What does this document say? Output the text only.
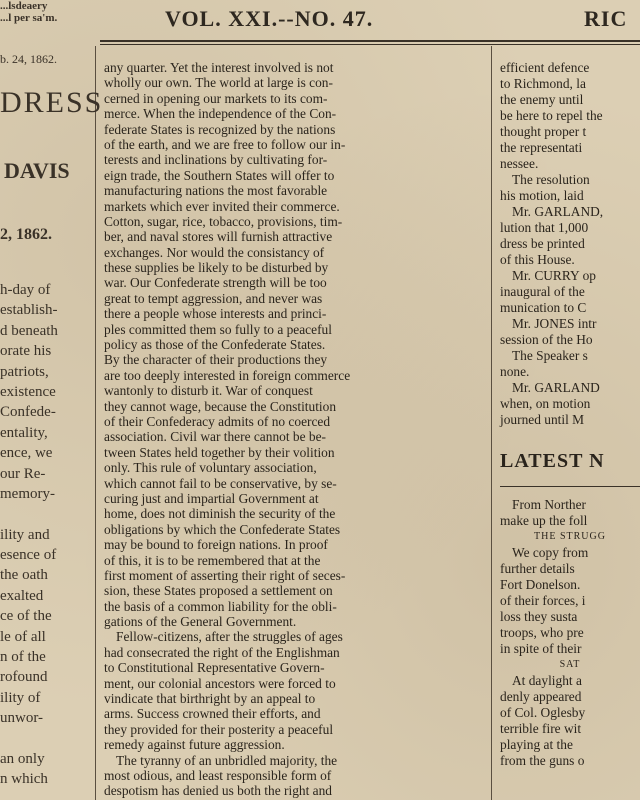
VOL. XXI.--NO. 47.	RIC
...lsdeaery
...l per sa'm.
b. 24, 1862.
DRESS
DAVIS
2, 1862.
h-day of
establish-
d beneath
orate his
patriots,
existence
Confede-
entality,
ence, we
our Re-
memory-
ility and
esence of
the oath
exalted
ce of the
le of all
n of the
rofound
ility of
unwor-
an only
n which
any quarter. Yet the interest involved is not
wholly our own. The world at large is con-
cerned in opening our markets to its com-
merce. When the independence of the Con-
federate States is recognized by the nations
of the earth, and we are free to follow our in-
terests and inclinations by cultivating for-
eign trade, the Southern States will offer to
manufacturing nations the most favorable
markets which ever invited their commerce.
Cotton, sugar, rice, tobacco, provisions, tim-
ber, and naval stores will furnish attractive
exchanges. Nor would the consistancy of
these supplies be likely to be disturbed by
war. Our Confederate strength will be too
great to tempt aggression, and never was
there a people whose interests and princi-
ples committed them so fully to a peaceful
policy as those of the Confederate States.
By the character of their productions they
are too deeply interested in foreign commerce
wantonly to disturb it. War of conquest
they cannot wage, because the Constitution
of their Confederacy admits of no coerced
association. Civil war there cannot be be-
tween States held together by their volition
only. This rule of voluntary association,
which cannot fail to be conservative, by se-
curing just and impartial Government at
home, does not diminish the security of the
obligations by which the Confederate States
may be bound to foreign nations. In proof
of this, it is to be remembered that at the
first moment of asserting their right of seces-
sion, these States proposed a settlement on
the basis of a common liability for the obli-
gations of the General Government.
Fellow-citizens, after the struggles of ages
had consecrated the right of the Englishman
to Constitutional Representative Govern-
ment, our colonial ancestors were forced to
vindicate that birthright by an appeal to
arms. Success crowned their efforts, and
they provided for their posterity a peaceful
remedy against future aggression.
The tyranny of an unbridled majority, the
most odious, and least responsible form of
despotism has denied us both the right and
efficient defence
to Richmond, la
the enemy until
be here to repel the
thought proper t
the representati
nessee.
The resolution
his motion, laid
Mr. GARLAND,
lution that 1,000
dress be printed
of this House.
Mr. CURRY op
inaugural of the
munication to C
Mr. JONES intr
session of the Ho
The Speaker s
none.
Mr. GARLAND
when, on motion
journed until M
LATEST N
From Norther
make up the foll
THE STRUGG
We copy from
further details
Fort Donelson.
of their forces, i
loss they susta
troops, who pre
in spite of their
SAT
At daylight a
denly appeared
of Col. Oglesby
terrible fire wit
playing at the
from the guns o
